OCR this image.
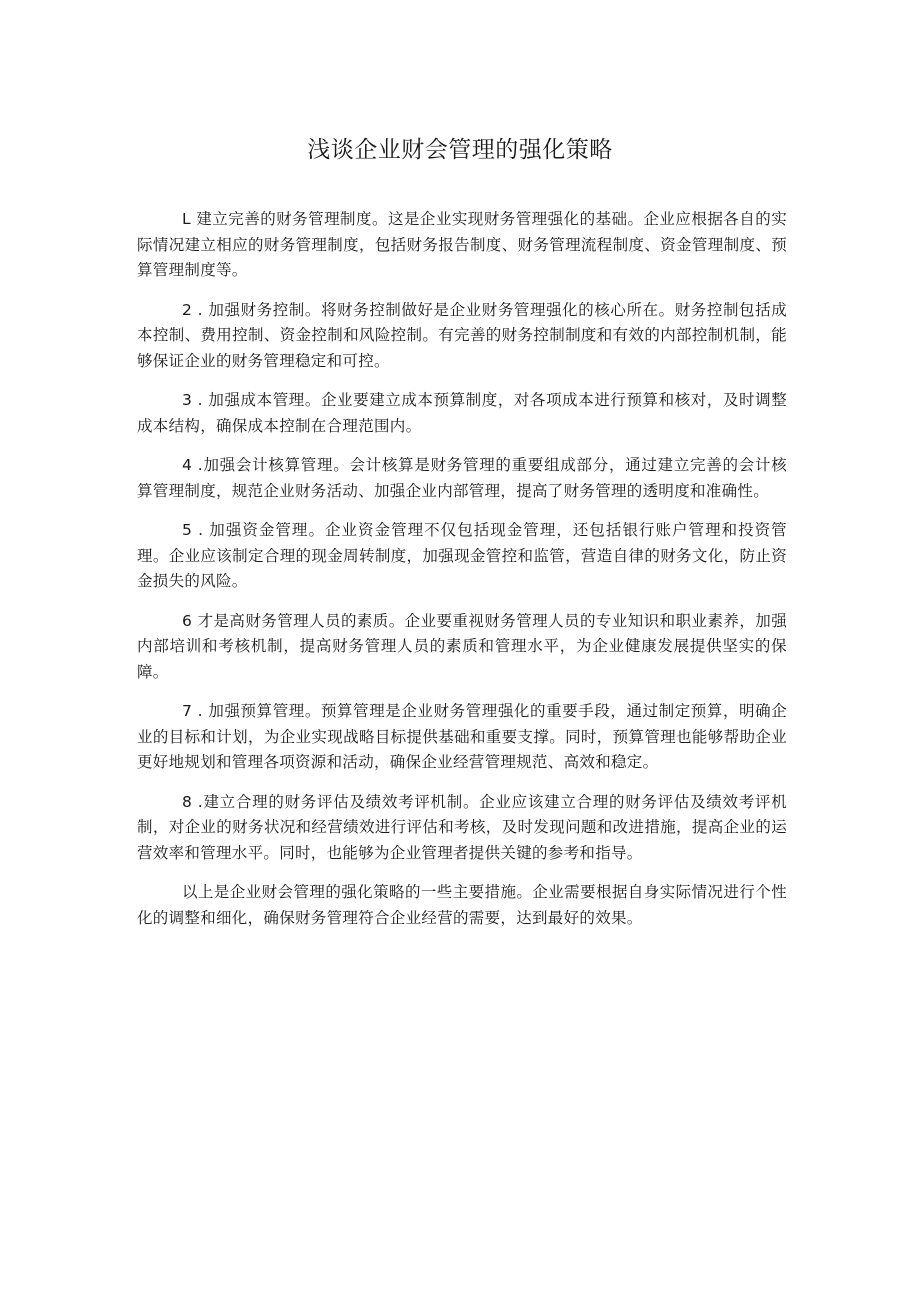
浅谈企业财会管理的强化策略

L 建立完善的财务管理制度。这是企业实现财务管理强化的基础。企业应根据各自的实际情况建立相应的财务管理制度，包括财务报告制度、财务管理流程制度、资金管理制度、预算管理制度等。

2 . 加强财务控制。将财务控制做好是企业财务管理强化的核心所在。财务控制包括成本控制、费用控制、资金控制和风险控制。有完善的财务控制制度和有效的内部控制机制，能够保证企业的财务管理稳定和可控。

3 . 加强成本管理。企业要建立成本预算制度，对各项成本进行预算和核对，及时调整成本结构，确保成本控制在合理范围内。

4 .加强会计核算管理。会计核算是财务管理的重要组成部分，通过建立完善的会计核算管理制度，规范企业财务活动、加强企业内部管理，提高了财务管理的透明度和准确性。

5 . 加强资金管理。企业资金管理不仅包括现金管理，还包括银行账户管理和投资管理。企业应该制定合理的现金周转制度，加强现金管控和监管，营造自律的财务文化，防止资金损失的风险。

6 才是高财务管理人员的素质。企业要重视财务管理人员的专业知识和职业素养，加强内部培训和考核机制，提高财务管理人员的素质和管理水平，为企业健康发展提供坚实的保障。

7 . 加强预算管理。预算管理是企业财务管理强化的重要手段，通过制定预算，明确企业的目标和计划，为企业实现战略目标提供基础和重要支撑。同时，预算管理也能够帮助企业更好地规划和管理各项资源和活动，确保企业经营管理规范、高效和稳定。

8 .建立合理的财务评估及绩效考评机制。企业应该建立合理的财务评估及绩效考评机制，对企业的财务状况和经营绩效进行评估和考核，及时发现问题和改进措施，提高企业的运营效率和管理水平。同时，也能够为企业管理者提供关键的参考和指导。

以上是企业财会管理的强化策略的一些主要措施。企业需要根据自身实际情况进行个性化的调整和细化，确保财务管理符合企业经营的需要，达到最好的效果。
